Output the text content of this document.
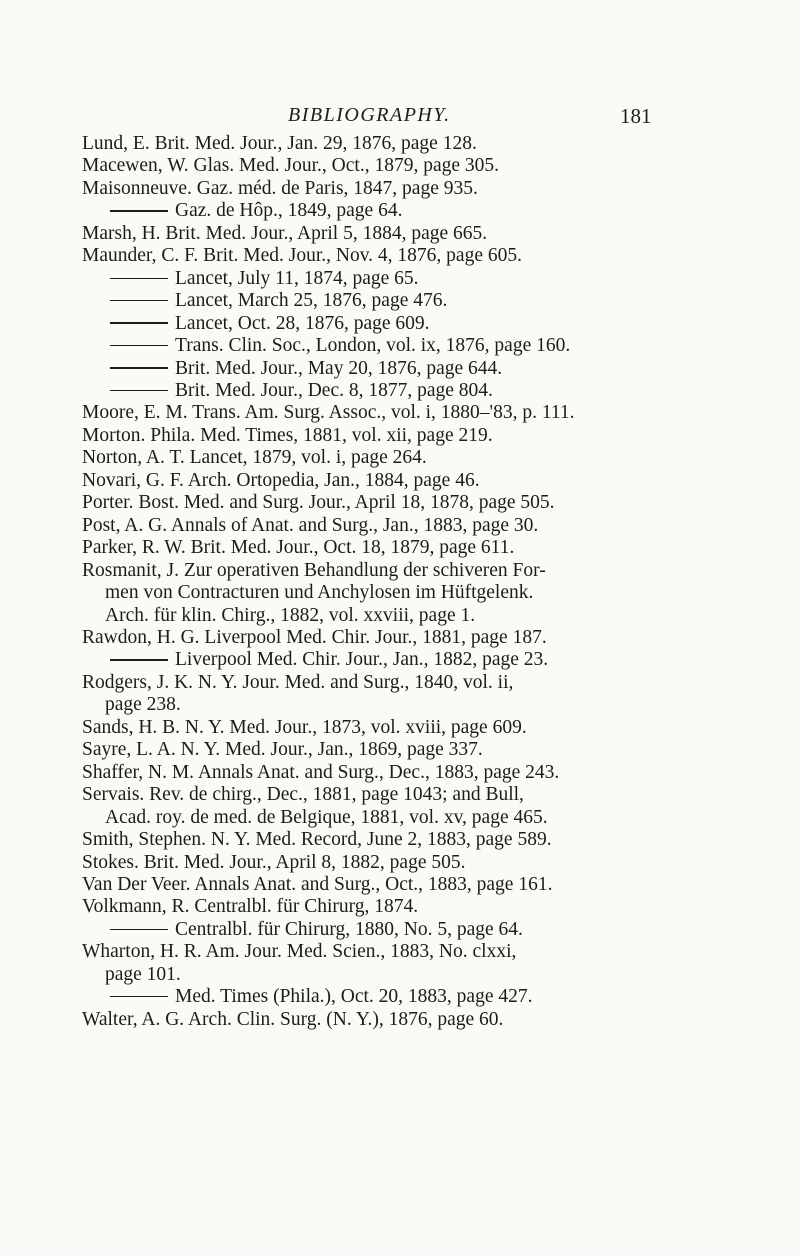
BIBLIOGRAPHY.	181
Lund, E. Brit. Med. Jour., Jan. 29, 1876, page 128.
Macewen, W. Glas. Med. Jour., Oct., 1879, page 305.
Maisonneuve. Gaz. méd. de Paris, 1847, page 935.
Gaz. de Hôp., 1849, page 64.
Marsh, H. Brit. Med. Jour., April 5, 1884, page 665.
Maunder, C. F. Brit. Med. Jour., Nov. 4, 1876, page 605.
Lancet, July 11, 1874, page 65.
Lancet, March 25, 1876, page 476.
Lancet, Oct. 28, 1876, page 609.
Trans. Clin. Soc., London, vol. ix, 1876, page 160.
Brit. Med. Jour., May 20, 1876, page 644.
Brit. Med. Jour., Dec. 8, 1877, page 804.
Moore, E. M. Trans. Am. Surg. Assoc., vol. i, 1880–'83, p. 111.
Morton. Phila. Med. Times, 1881, vol. xii, page 219.
Norton, A. T. Lancet, 1879, vol. i, page 264.
Novari, G. F. Arch. Ortopedia, Jan., 1884, page 46.
Porter. Bost. Med. and Surg. Jour., April 18, 1878, page 505.
Post, A. G. Annals of Anat. and Surg., Jan., 1883, page 30.
Parker, R. W. Brit. Med. Jour., Oct. 18, 1879, page 611.
Rosmanit, J. Zur operativen Behandlung der schiveren For-
men von Contracturen und Anchylosen im Hüftgelenk.
Arch. für klin. Chirg., 1882, vol. xxviii, page 1.
Rawdon, H. G. Liverpool Med. Chir. Jour., 1881, page 187.
Liverpool Med. Chir. Jour., Jan., 1882, page 23.
Rodgers, J. K. N. Y. Jour. Med. and Surg., 1840, vol. ii,
page 238.
Sands, H. B. N. Y. Med. Jour., 1873, vol. xviii, page 609.
Sayre, L. A. N. Y. Med. Jour., Jan., 1869, page 337.
Shaffer, N. M. Annals Anat. and Surg., Dec., 1883, page 243.
Servais. Rev. de chirg., Dec., 1881, page 1043; and Bull,
Acad. roy. de med. de Belgique, 1881, vol. xv, page 465.
Smith, Stephen. N. Y. Med. Record, June 2, 1883, page 589.
Stokes. Brit. Med. Jour., April 8, 1882, page 505.
Van Der Veer. Annals Anat. and Surg., Oct., 1883, page 161.
Volkmann, R. Centralbl. für Chirurg, 1874.
Centralbl. für Chirurg, 1880, No. 5, page 64.
Wharton, H. R. Am. Jour. Med. Scien., 1883, No. clxxi,
page 101.
Med. Times (Phila.), Oct. 20, 1883, page 427.
Walter, A. G. Arch. Clin. Surg. (N. Y.), 1876, page 60.
